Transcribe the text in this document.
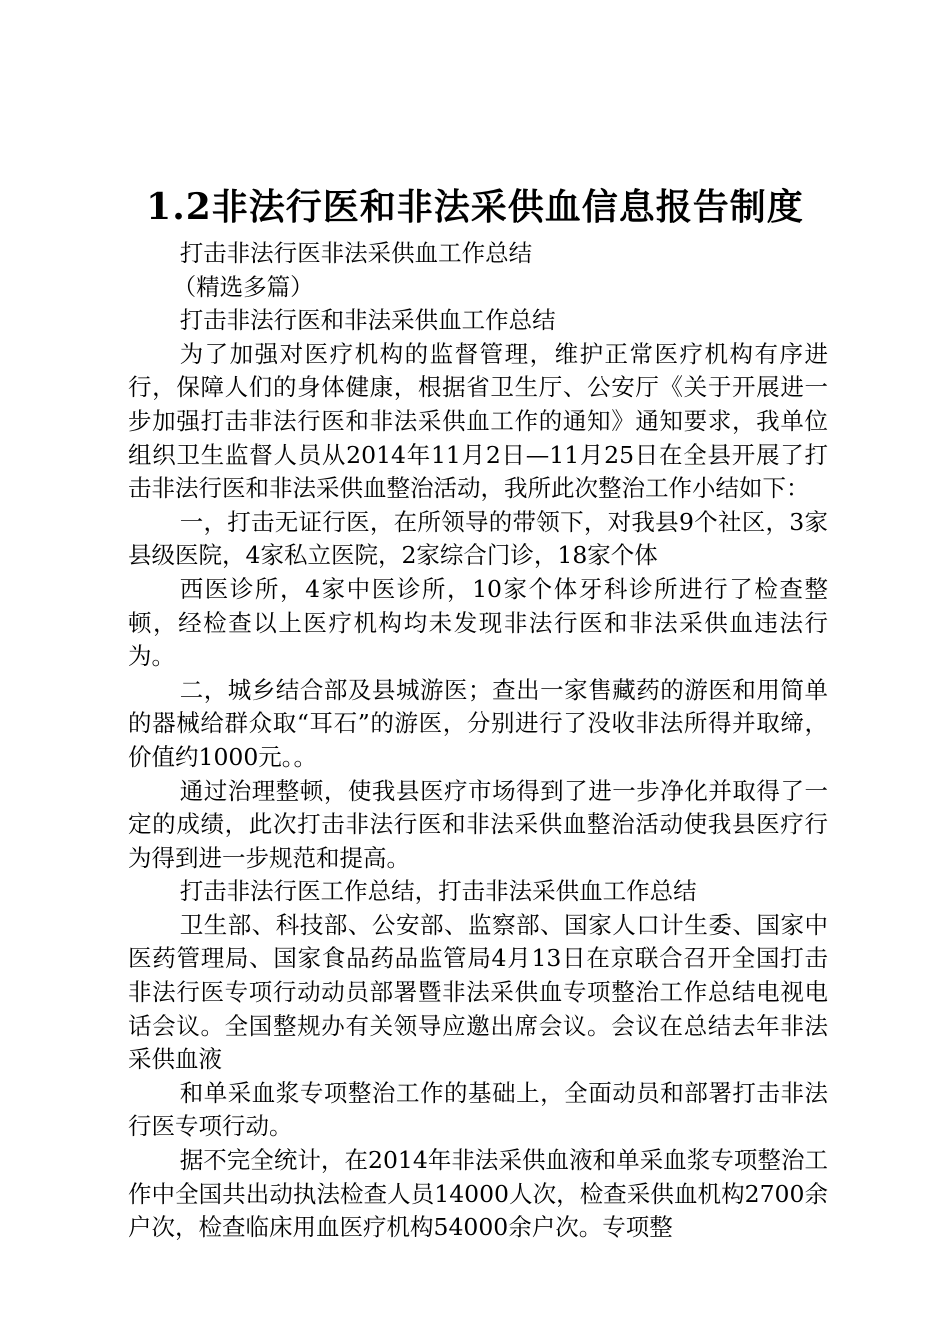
1.2非法行医和非法采供血信息报告制度

打击非法行医非法采供血工作总结

（精选多篇）

打击非法行医和非法采供血工作总结

为了加强对医疗机构的监督管理，维护正常医疗机构有序进行，保障人们的身体健康，根据省卫生厅、公安厅《关于开展进一步加强打击非法行医和非法采供血工作的通知》通知要求，我单位组织卫生监督人员从2014年11月2日—11月25日在全县开展了打击非法行医和非法采供血整治活动，我所此次整治工作小结如下：

一，打击无证行医，在所领导的带领下，对我县9个社区，3家县级医院，4家私立医院，2家综合门诊，18家个体

西医诊所，4家中医诊所，10家个体牙科诊所进行了检查整顿，经检查以上医疗机构均未发现非法行医和非法采供血违法行为。

二，城乡结合部及县城游医；查出一家售藏药的游医和用简单的器械给群众取“耳石”的游医，分别进行了没收非法所得并取缔，价值约1000元。。

通过治理整顿，使我县医疗市场得到了进一步净化并取得了一定的成绩，此次打击非法行医和非法采供血整治活动使我县医疗行为得到进一步规范和提高。

打击非法行医工作总结，打击非法采供血工作总结

卫生部、科技部、公安部、监察部、国家人口计生委、国家中医药管理局、国家食品药品监管局4月13日在京联合召开全国打击非法行医专项行动动员部署暨非法采供血专项整治工作总结电视电话会议。全国整规办有关领导应邀出席会议。会议在总结去年非法采供血液

和单采血浆专项整治工作的基础上，全面动员和部署打击非法行医专项行动。

据不完全统计，在2014年非法采供血液和单采血浆专项整治工作中全国共出动执法检查人员14000人次，检查采供血机构2700余户次，检查临床用血医疗机构54000余户次。专项整
